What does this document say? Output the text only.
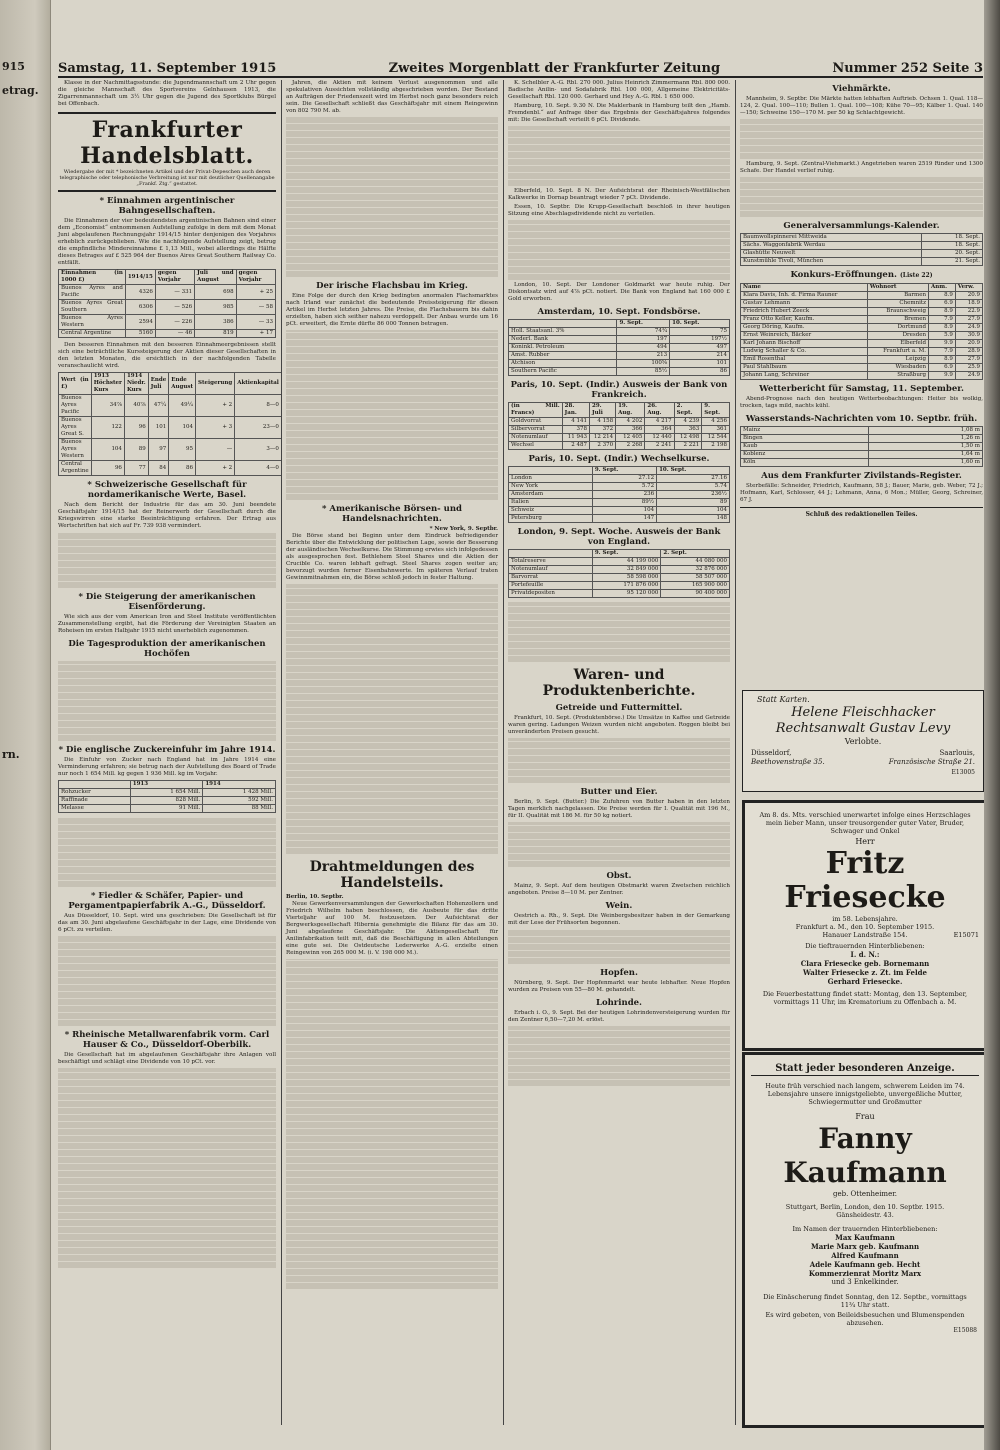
915
etrag.
rn.
Samstag, 11. September 1915	Zweites Morgenblatt der Frankfurter Zeitung	Nummer 252 Seite 3

Klasse in der Nachmittagsstunde: die Jugendmannschaft um 2 Uhr gegen die gleiche Mannschaft des Sportvereins Gelnhausen 1913, die Zigarrenmannschaft um 3½ Uhr gegen die Jugend des Sportklubs Bürgel bei Offenbach.

Frankfurter Handelsblatt.
Wiedergabe der mit * bezeichneten Artikel und der Privat-Depeschen auch deren telegraphische oder telephonische Verbreitung ist nur mit deutlicher Quellenangabe „Frankf. Ztg.“ gestattet.
* Einnahmen argentinischer Bahngesellschaften.

Die Einnahmen der vier bedeutendsten argentinischen Bahnen sind einer dem „Economist“ entnommenen Aufstellung zufolge in dem mit dem Monat Juni abgelaufenen Rechnungsjahr 1914/15 hinter denjenigen des Vorjahres erheblich zurückgeblieben. Wie die nachfolgende Aufstellung zeigt, betrug die empfindliche Mindereinnahme £ 1,13 Mill., wobei allerdings die Hälfte dieses Betrages auf £ 525 964 der Buenos Aires Great Southern Railway Co. entfällt.

Einnahmen (in 1000 £)	1914/15	gegen Vorjahr	Juli und August	gegen Vorjahr
Buenos Ayres and Pacific	4326	— 331	698	+ 25
Buenos Ayres Great Southern	6306	— 526	985	— 58
Buenos Ayres Western	2594	— 226	386	— 33
Central Argentine	5160	— 46	819	+ 17

Den besseren Einnahmen mit den besseren Einnahmeergebnissen stellt sich eine beträchtliche Kurssteigerung der Aktien dieser Gesellschaften in den letzten Monaten, die ersichtlich in der nachfolgenden Tabelle veranschaulicht wird.

Wert (in £)	1913 Höchster Kurs	1914 Niedr. Kurs	Ende Juli	Ende August	Steigerung	Aktienkapital
Buenos Ayres Pacific	34⅞	40⅞	47¼	49¼	+ 2	8—0
Buenos Ayres Great S.	122	96	101	104	+ 3	23—0
Buenos Ayres Western	104	89	97	95	—	3—0
Central Argentine	96	77	84	86	+ 2	4—0
* Schweizerische Gesellschaft für nordamerikanische Werte, Basel.

Nach dem Bericht der Industrie für das am 30. Juni beendete Geschäftsjahr 1914/15 hat der Reinerwerb der Gesellschaft durch die Kriegswirren eine starke Beeinträchtigung erfahren. Der Ertrag aus Wertschriften hat sich auf Fr. 739 938 vermindert.

* Die Steigerung der amerikanischen Eisenförderung.

Wie sich aus der vom American Iron and Steel Institute veröffentlichten Zusammenstellung ergibt, hat die Förderung der Vereinigten Staaten an Roheisen im ersten Halbjahr 1915 nicht unerheblich zugenommen.

Die Tagesproduktion der amerikanischen Hochöfen
* Die englische Zuckereinfuhr im Jahre 1914.

Die Einfuhr von Zucker nach England hat im Jahre 1914 eine Verminderung erfahren; sie betrug nach der Aufstellung des Board of Trade nur noch 1 654 Mill. kg gegen 1 936 Mill. kg im Vorjahr.

	1913	1914
Rohzucker	1 654 Mill.	1 428 Mill.
Raffinade	828 Mill.	592 Mill.
Melasse	91 Mill.	88 Mill.
* Fiedler & Schäfer, Papier- und Pergamentpapierfabrik A.-G., Düsseldorf.

Aus Düsseldorf, 10. Sept. wird uns geschrieben: Die Gesellschaft ist für das am 30. Juni abgelaufene Geschäftsjahr in der Lage, eine Dividende von 6 pCt. zu verteilen.

* Rheinische Metallwarenfabrik vorm. Carl Hauser & Co., Düsseldorf-Oberbilk.

Die Gesellschaft hat im abgelaufenen Geschäftsjahr ihre Anlagen voll beschäftigt und schlägt eine Dividende von 10 pCt. vor.

Jahren, die Aktien mit keinem Verlust ausgenommen und alle spekulativen Aussichten vollständig abgeschrieben worden. Der Bestand an Aufträgen der Friedenszeit wird im Herbst noch ganz besonders reich sein. Die Gesellschaft schließt das Geschäftsjahr mit einem Reingewinn von 802 790 M. ab.

Der irische Flachsbau im Krieg.

Eine Folge der durch den Krieg bedingten anormalen Flachsmarktes nach Irland war zunächst die bedeutende Preissteigerung für diesen Artikel im Herbst letzten Jahres. Die Preise, die Flachsbauern bis dahin erzielten, haben sich seither nahezu verdoppelt. Der Anbau wurde um 16 pCt. erweitert, die Ernte dürfte 86 000 Tonnen betragen.

* Amerikanische Börsen- und Handelsnachrichten.
* New York, 9. Septbr.

Die Börse stand bei Beginn unter dem Eindruck befriedigender Berichte über die Entwicklung der politischen Lage, sowie der Besserung der ausländischen Wechselkurse. Die Stimmung erwies sich infolgedessen als ausgesprochen fest. Bethlehem Steel Shares und die Aktien der Crucible Co. waren lebhaft gefragt. Steel Shares zogen weiter an; bevorzugt wurden ferner Eisenbahnwerte. Im späteren Verlauf traten Gewinnmitnahmen ein, die Börse schloß jedoch in fester Haltung.

Drahtmeldungen des Handelsteils.
Berlin, 10. Septbr.

Neue Gewerkenversammlungen der Gewerkschaften Hohenzollern und Friedrich Wilhelm haben beschlossen, die Ausbeute für das dritte Vierteljahr auf 100 M. festzusetzen. Der Aufsichtsrat der Bergwerksgesellschaft Hibernia genehmigte die Bilanz für das am 30. Juni abgelaufene Geschäftsjahr. Die Aktiengesellschaft für Anilinfabrikation teilt mit, daß die Beschäftigung in allen Abteilungen eine gute sei. Die Ostdeutsche Lederwerke A.-G. erzielte einen Reingewinn von 265 000 M. (i. V. 198 000 M.).

K. Schelbler A.-G. Rbl. 270 000. Julius Heinrich Zimmermann Rbl. 800 000. Badische Anilin- und Sodafabrik Rbl. 100 000, Allgemeine Elektricitäts-Gesellschaft Rbl. 120 000. Gerhard und Hey A.-G. Rbl. 1 650 000.

Hamburg, 10. Sept. 9.30 N. Die Maklerbank in Hamburg teilt den „Hamb. Fremdenbl.“ auf Anfrage über das Ergebnis der Geschäftsjahres folgendes mit: Die Gesellschaft verteilt 6 pCt. Dividende.

Elberfeld, 10. Sept. 8 N. Der Aufsichtsrat der Rheinisch-Westfälischen Kalkwerke in Dornap beantragt wieder 7 pCt. Dividende.

Essen, 10. Septbr. Die Krupp-Gesellschaft beschloß in ihrer heutigen Sitzung eine Abschlagsdividende nicht zu verteilen.

London, 10. Sept. Der Londoner Goldmarkt war heute ruhig. Der Diskontsatz wird auf 4⅞ pCt. notiert. Die Bank von England hat 160 000 £ Gold erworben.

Amsterdam, 10. Sept. Fondsbörse.
	9. Sept.	10. Sept.
Holl. Staatsanl. 3%	74¾	75
Nederl. Bank	197	197½
Koninkl. Petroleum	494	497
Amst. Rubber	213	214
Atchison	100⅝	101
Southern Pacific	85½	86
Paris, 10. Sept. (Indir.) Ausweis der Bank von Frankreich.
(in Mill. Francs)	28. Jan.	29. Juli	19. Aug.	26. Aug.	2. Sept.	9. Sept.
Goldvorrat	4 141	4 158	4 202	4 217	4 239	4 256
Silbervorrat	378	372	366	364	363	361
Notenumlauf	11 943	12 214	12 405	12 440	12 498	12 544
Wechsel	2 487	2 370	2 268	2 241	2 221	2 198
Paris, 10. Sept. (Indir.) Wechselkurse.
	9. Sept.	10. Sept.
London	27.12	27.16
New York	5.72	5.74
Amsterdam	236	236½
Italien	89½	89
Schweiz	104	104
Petersburg	147	148
London, 9. Sept. Woche. Ausweis der Bank von England.
	9. Sept.	2. Sept.
Totalreserve	44 199 000	44 080 000
Notenumlauf	32 849 000	32 876 000
Barvorrat	58 598 000	58 507 000
Portefeuille	171 876 000	165 900 000
Privatdepositen	95 120 000	90 400 000
Waren- und Produktenberichte.
Getreide und Futtermittel.

Frankfurt, 10. Sept. (Produktenbörse.) Die Umsätze in Kaffee und Getreide waren gering. Ladungen Weizen wurden nicht angeboten. Roggen bleibt bei unveränderten Preisen gesucht.

Butter und Eier.

Berlin, 9. Sept. (Butter.) Die Zufuhren von Butter haben in den letzten Tagen merklich nachgelassen. Die Preise werden für I. Qualität mit 196 M., für II. Qualität mit 186 M. für 50 kg notiert.

Obst.

Mainz, 9. Sept. Auf dem heutigen Obstmarkt waren Zwetschen reichlich angeboten. Preise 8—10 M. per Zentner.

Wein.

Oestrich a. Rh., 9. Sept. Die Weinbergsbesitzer haben in der Gemarkung mit der Lese der Frühsorten begonnen.

Hopfen.

Nürnberg, 9. Sept. Der Hopfenmarkt war heute lebhafter. Neue Hopfen wurden zu Preisen von 55—80 M. gehandelt.

Lohrinde.

Erbach i. O., 9. Sept. Bei der heutigen Lohrindenversteigerung wurden für den Zentner 6,50—7,20 M. erlöst.

Viehmärkte.

Mannheim, 9. Septbr. Die Märkte hatten lebhaften Auftrieb. Ochsen 1. Qual. 118—124, 2. Qual. 100—110; Bullen 1. Qual. 100—108; Kühe 70—95; Kälber 1. Qual. 140—150; Schweine 150—170 M. per 50 kg Schlachtgewicht.

Hamburg, 9. Sept. (Zentral-Viehmarkt.) Angetrieben waren 2519 Rinder und 1300 Schafe. Der Handel verlief ruhig.

Generalversammlungs-Kalender.
Baumwollspinnerei Mittweida	18. Sept.
Sächs. Waggonfabrik Werdau	18. Sept.
Glashütte Neuwelt	20. Sept.
Kunstmühle Tivoli, München	21. Sept.
Konkurs-Eröffnungen. (Liste 22)
Name	Wohnort	Anm.	Verw.
Klara Davis, Inh. d. Firma Rauner	Barmen	8.9	20.9
Gustav Lehmann	Chemnitz	6.9	18.9
Friedrich Hubert Zeeck	Braunschweig	8.9	22.9
Franz Otto Keller, Kaufm.	Bremen	7.9	27.9
Georg Döring, Kaufm.	Dortmund	8.9	24.9
Ernst Weinreich, Bäcker	Dresden	5.9	30.9
Karl Johann Bischoff	Elberfeld	9.9	20.9
Ludwig Schaller & Co.	Frankfurt a. M.	7.9	28.9
Emil Rosenthal	Leipzig	8.9	27.9
Paul Stahlbaum	Wiesbaden	6.9	25.9
Johann Lang, Schreiner	Straßburg	9.9	24.9
Wetterbericht für Samstag, 11. September.

Abend-Prognose nach den heutigen Wetterbeobachtungen: Heiter bis wolkig, trocken, tags mild, nachts kühl.

Wasserstands-Nachrichten vom 10. Septbr. früh.
Mainz	1,08 m
Bingen	1,26 m
Kaub	1,50 m
Koblenz	1,64 m
Köln	1,60 m
Aus dem Frankfurter Zivilstands-Register.

Sterbefälle: Schneider, Friedrich, Kaufmann, 58 J.; Bauer, Marie, geb. Weber, 72 J.; Hofmann, Karl, Schlosser, 44 J.; Lehmann, Anna, 6 Mon.; Müller, Georg, Schreiner, 67 J.

Schluß des redaktionellen Teiles.
Statt Karten.
Helene Fleischhacker
Rechtsanwalt Gustav Levy
Verlobte.
Düsseldorf,
Beethovenstraße 35.
Saarlouis,
Französische Straße 21.
E13005
Am 8. ds. Mts. verschied unerwartet infolge eines Herzschlages mein lieber Mann, unser treusorgender guter Vater, Bruder, Schwager und Onkel
Herr
Fritz Friesecke
im 58. Lebensjahre.
Frankfurt a. M., den 10. September 1915.
Hanauer Landstraße 154.	E15071
Die tieftrauernden Hinterbliebenen:
I. d. N.:
Clara Friesecke geb. Bornemann
Walter Friesecke z. Zt. im Felde
Gerhard Friesecke.
Die Feuerbestattung findet statt: Montag, den 13. September, vormittags 11 Uhr, im Krematorium zu Offenbach a. M.
Statt jeder besonderen Anzeige.
Heute früh verschied nach langem, schwerem Leiden im 74. Lebensjahre unsere innigstgeliebte, unvergeßliche Mutter, Schwiegermutter und Großmutter
Frau
Fanny Kaufmann
geb. Ottenheimer.
Stuttgart, Berlin, London, den 10. Septbr. 1915.
Gänsheidestr. 43.
Im Namen der trauernden Hinterbliebenen:
Max Kaufmann
Marie Marx geb. Kaufmann
Alfred Kaufmann
Adele Kaufmann geb. Hecht
Kommerzienrat Moritz Marx
und 3 Enkelkinder.
Die Einäscherung findet Sonntag, den 12. Septbr., vormittags 11¾ Uhr statt.
Es wird gebeten, von Beileidsbesuchen und Blumenspenden abzusehen.
E15088
